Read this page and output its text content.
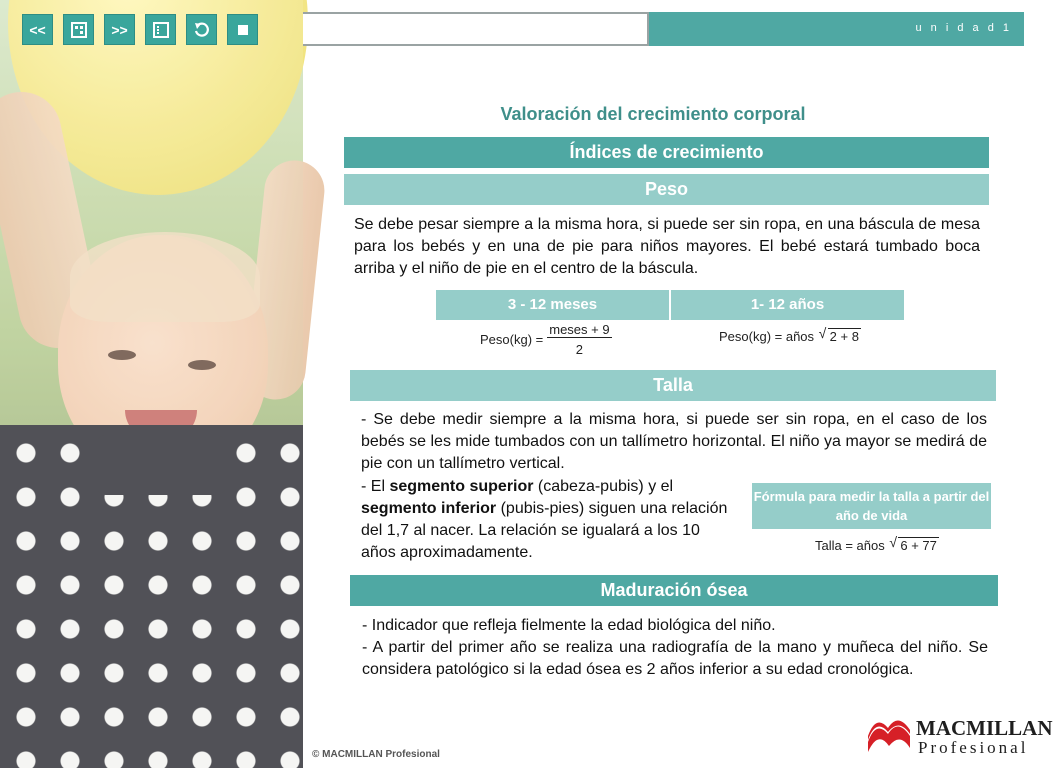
<<	>>	u n i d a d 1
Valoración del crecimiento corporal
Índices de crecimiento
Peso
Se debe pesar siempre a la misma hora, si puede ser sin ropa, en una báscula de mesa para los bebés y en una de pie para niños mayores. El bebé estará tumbado boca arriba y el niño de pie en el centro de la báscula.
3 - 12 meses	1- 12 años
Peso(kg) = $\frac{\text{meses + 9}}{2}$	Peso(kg) = años √ 2 + 8
Talla
- Se debe medir siempre a la misma hora, si puede ser sin ropa, en el caso de los bebés se les mide tumbados con un tallímetro horizontal. El niño ya mayor se medirá de pie con un tallímetro vertical.
- El segmento superior (cabeza-pubis) y el segmento inferior (pubis-pies) siguen una relación del 1,7 al nacer. La relación se igualará a los 10 años aproximadamente.
Fórmula para medir la talla a partir del año de vida
Talla = años √ 6 + 77
Maduración ósea
- Indicador que refleja fielmente la edad biológica del niño.
- A partir del primer año se realiza una radiografía de la mano y muñeca del niño. Se considera patológico si la edad ósea es 2 años inferior a su edad cronológica.
© MACMILLAN Profesional
MACMILLAN
Profesional
